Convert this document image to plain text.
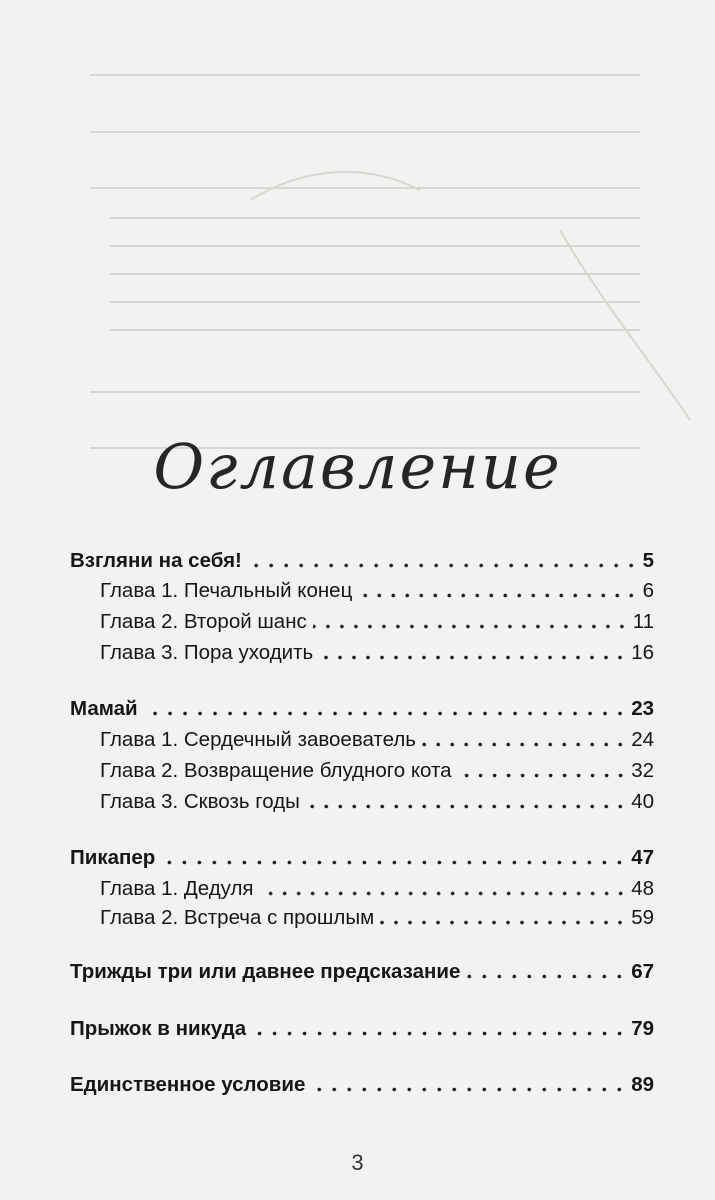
Оглавление
Взгляни на себя!	5
Глава 1. Печальный конец	6
Глава 2. Второй шанс	11
Глава 3. Пора уходить	16
Мамай	23
Глава 1. Сердечный завоеватель	24
Глава 2. Возвращение блудного кота	32
Глава 3. Сквозь годы	40
Пикапер	47
Глава 1. Дедуля	48
Глава 2. Встреча с прошлым	59
Трижды три или давнее предсказание	67
Прыжок в никуда	79
Единственное условие	89
3
